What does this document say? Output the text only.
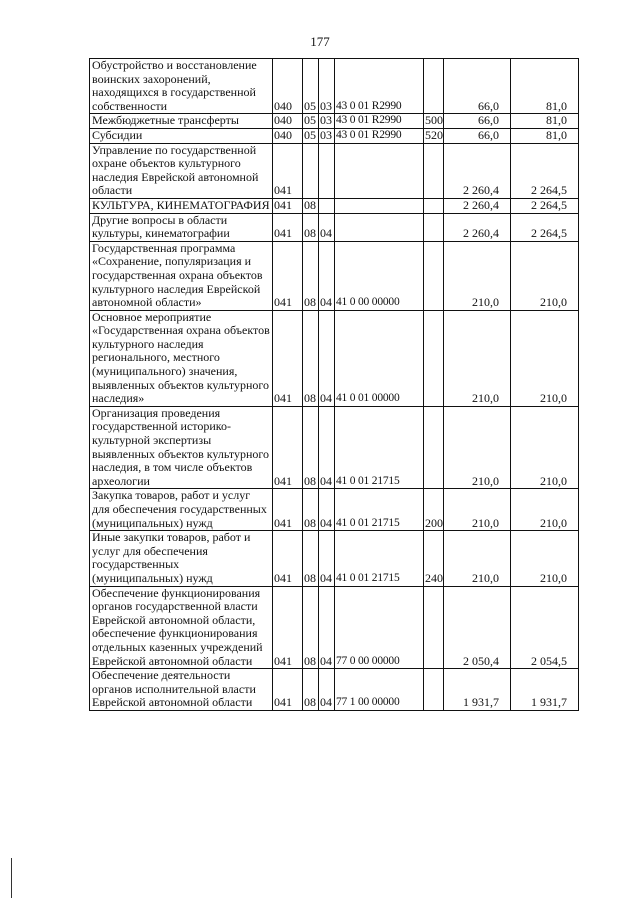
177
Обустройство и восстановление воинских захоронений, находящихся в государственной собственности	040	05	03	43 0 01 R2990		66,0	81,0
Межбюджетные трансферты	040	05	03	43 0 01 R2990	500	66,0	81,0
Субсидии	040	05	03	43 0 01 R2990	520	66,0	81,0
Управление по государственной охране объектов культурного наследия Еврейской автономной области	041					2 260,4	2 264,5
КУЛЬТУРА, КИНЕМАТОГРАФИЯ	041	08				2 260,4	2 264,5
Другие вопросы в области культуры, кинематографии	041	08	04			2 260,4	2 264,5
Государственная программа «Сохранение, популяризация и государственная охрана объектов культурного наследия Еврейской автономной области»	041	08	04	41 0 00 00000		210,0	210,0
Основное мероприятие «Государственная охрана объектов культурного наследия регионального, местного (муниципального) значения, выявленных объектов культурного наследия»	041	08	04	41 0 01 00000		210,0	210,0
Организация проведения государственной историко-культурной экспертизы выявленных объектов культурного наследия, в том числе объектов археологии	041	08	04	41 0 01 21715		210,0	210,0
Закупка товаров, работ и услуг для обеспечения государственных (муниципальных) нужд	041	08	04	41 0 01 21715	200	210,0	210,0
Иные закупки товаров, работ и услуг для обеспечения государственных (муниципальных) нужд	041	08	04	41 0 01 21715	240	210,0	210,0
Обеспечение функционирования органов государственной власти Еврейской автономной области, обеспечение функционирования отдельных казенных учреждений Еврейской автономной области	041	08	04	77 0 00 00000		2 050,4	2 054,5
Обеспечение деятельности органов исполнительной власти Еврейской автономной области	041	08	04	77 1 00 00000		1 931,7	1 931,7
